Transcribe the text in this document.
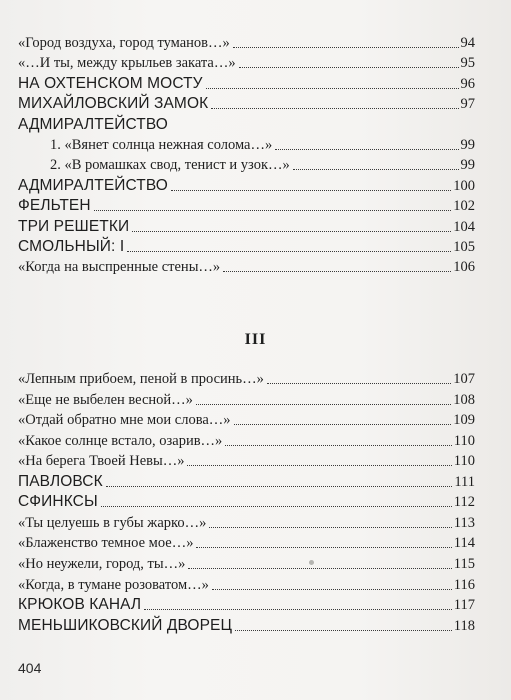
«Город воздуха, город туманов…»	94
«…И ты, между крыльев заката…»	95
НА ОХТЕНСКОМ МОСТУ	96
МИХАЙЛОВСКИЙ ЗАМОК	97
АДМИРАЛТЕЙСТВО
1. «Вянет солнца нежная солома…»	99
2. «В ромашках свод, тенист и узок…»	99
АДМИРАЛТЕЙСТВО	100
ФЕЛЬТЕН	102
ТРИ РЕШЕТКИ	104
СМОЛЬНЫЙ: I	105
«Когда на выспренные стены…»	106
«Лепным прибоем, пеной в просинь…»	107
«Еще не выбелен весной…»	108
«Отдай обратно мне мои слова…»	109
«Какое солнце встало, озарив…»	110
«На берега Твоей Невы…»	110
ПАВЛОВСК	111
СФИНКСЫ	112
«Ты целуешь в губы жарко…»	113
«Блаженство темное мое…»	114
«Но неужели, город, ты…»	115
«Когда, в тумане розоватом…»	116
КРЮКОВ КАНАЛ	117
МЕНЬШИКОВСКИЙ ДВОРЕЦ	118
III
404
